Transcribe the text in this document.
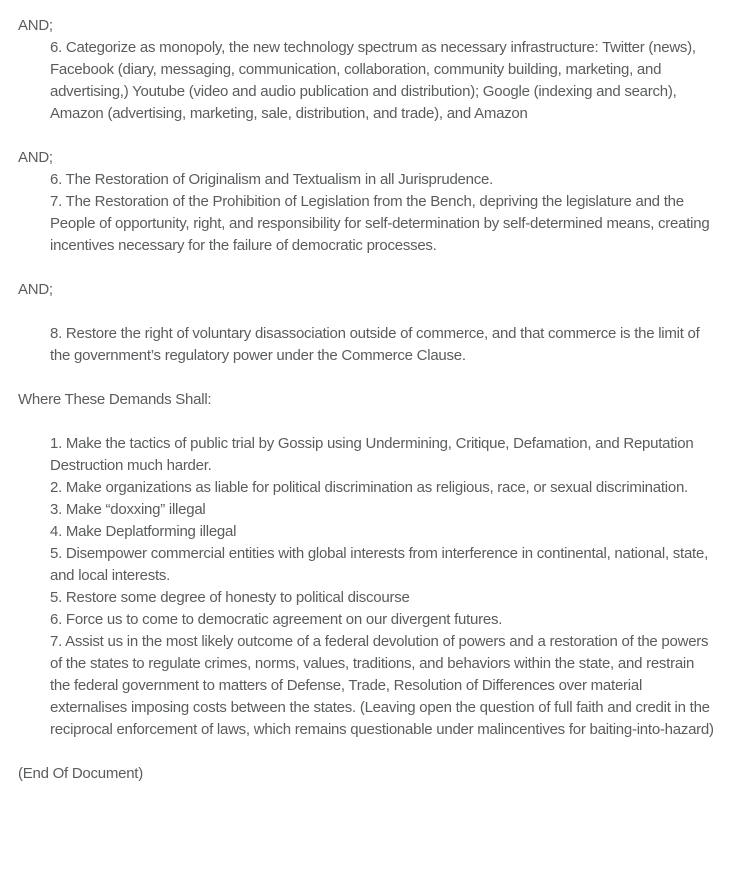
AND;
6. Categorize as monopoly, the new technology spectrum as necessary infrastructure: Twitter (news), Facebook (diary, messaging, communication, collaboration, community building, marketing, and advertising,) Youtube (video and audio publication and distribution); Google (indexing and search),  Amazon (advertising, marketing, sale, distribution, and trade), and Amazon
AND;
6. The Restoration of Originalism and Textualism in all Jurisprudence.
7. The Restoration of the Prohibition of Legislation from the Bench, depriving the legislature and the People of opportunity, right, and responsibility for self-determination by self-determined means, creating incentives necessary for the failure of democratic processes.
AND;
8. Restore the right of voluntary disassociation outside of commerce, and that commerce is the limit of the government’s regulatory power under the Commerce Clause.
Where These Demands Shall:
1. Make the tactics of public trial by Gossip using Undermining, Critique, Defamation, and Reputation Destruction much harder.
2. Make organizations as liable for political discrimination as religious, race, or sexual discrimination.
3. Make “doxxing” illegal
4. Make Deplatforming illegal
5. Disempower commercial entities with global interests from interference in continental, national, state, and local interests.
5. Restore some degree of honesty to political discourse
6. Force us to come to democratic agreement on our divergent futures.
7. Assist us in the most likely outcome of a federal devolution of powers and a restoration of the powers of the states to regulate crimes, norms, values, traditions, and behaviors within the state, and restrain the federal government to matters of Defense, Trade, Resolution of Differences over material externalises imposing costs between the states. (Leaving open the question of full faith and credit in the reciprocal enforcement of laws, which remains questionable under malincentives for baiting-into-hazard)
(End Of Document)
